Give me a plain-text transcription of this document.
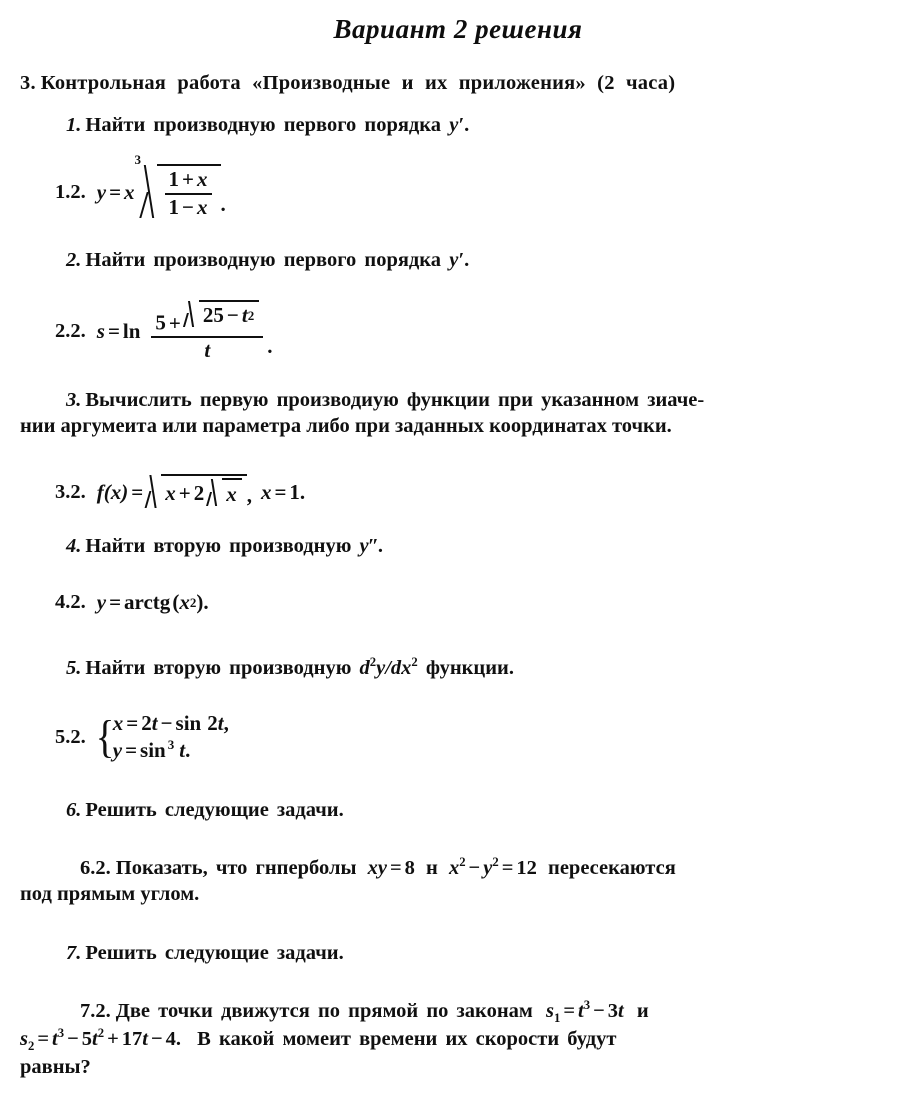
Вариант 2 решения
3. Контрольная работа «Производные и их приложения» (2 часа)
1. Найти производную первого порядка y′.
1.2. y = x
3
$\frac{1 + x}{1 - x}$ .
2. Найти производную первого порядка y′.
2.2. $s = \ln \frac{5 + 25 - t 2}{t}$ .
3. Вычислить первую производиую функции при указанном зиаче-
нии аргумеита или параметра либо при заданных координатах точки.
3.2. f (x) = x + 2 x , x = 1 .
4. Найти вторую производную y″.
4.2. y = arctg ( x 2 ) .
5. Найти вторую производную $d^2y/dx^2$ функции.
5.2. {
x = 2t − sin 2t,
y = sin $^3$ t.
6. Решить следующие задачи.
6.2. Показать, что гнперболы xy = 8 н $x^2 - y^2 = 12$ пересекаются
под прямым углом.
7. Решить следующие задачи.
7.2. Две точки движутся по прямой по законам $s_1 = t^3 - 3t$ и
$s_2 = t^3 - 5t^2 + 17t - 4$. В какой момеит времени их скорости будут
равны?
